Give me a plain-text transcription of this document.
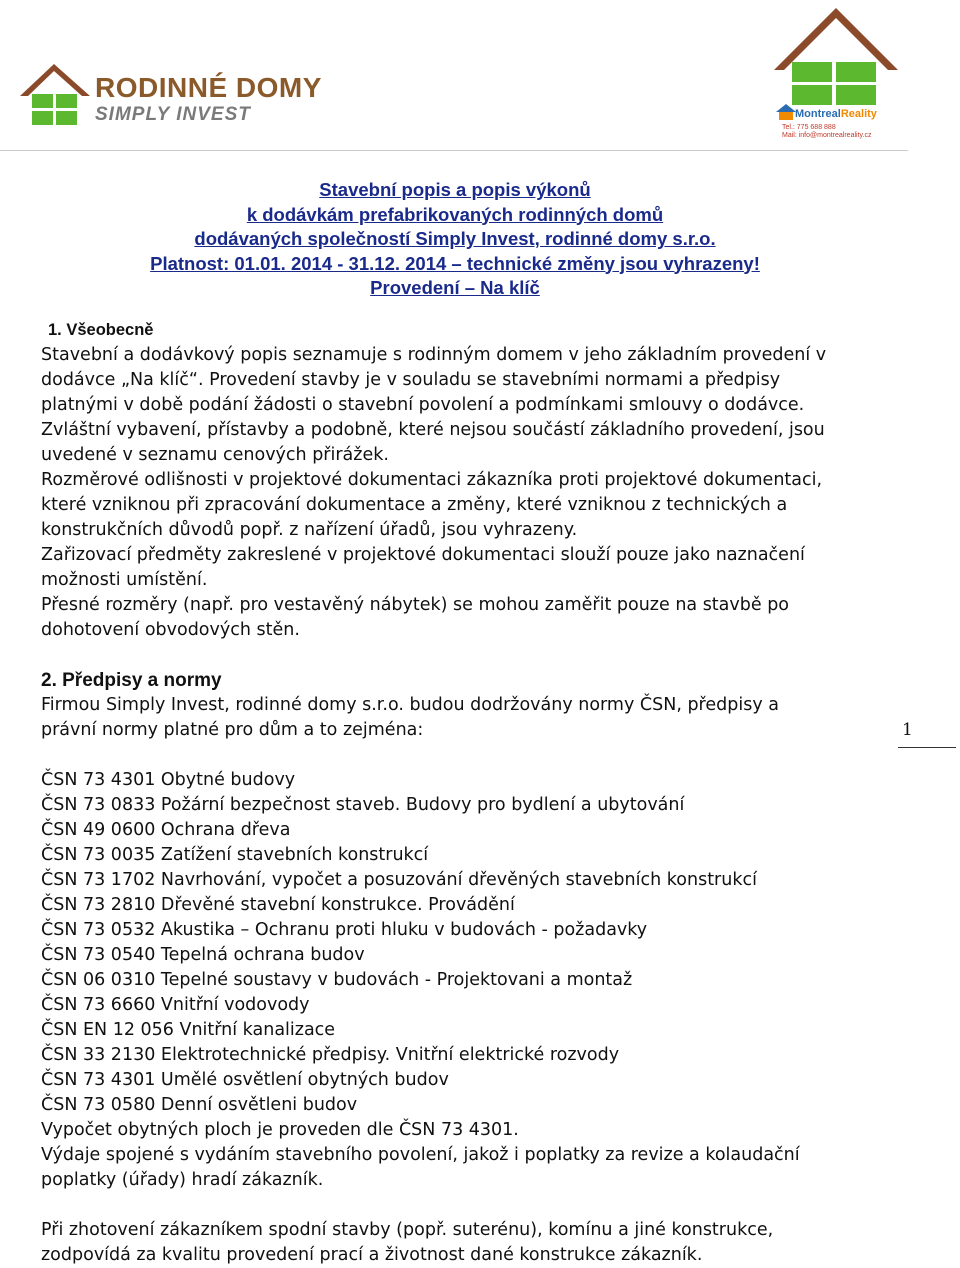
RODINNÉ DOMY
SIMPLY INVEST	MontrealReality
Tel.: 775 688 888
Mail: info@montrealreality.cz
Stavební popis a popis výkonů
k dodávkám prefabrikovaných rodinných domů
dodávaných společností Simply Invest, rodinné domy s.r.o.
Platnost: 01.01. 2014 - 31.12. 2014 – technické změny jsou vyhrazeny!
Provedení – Na klíč

1. Všeobecně

Stavební a dodávkový popis seznamuje s rodinným domem v jeho základním provedení v

dodávce „Na klíč“. Provedení stavby je v souladu se stavebními normami a předpisy

platnými v době podání žádosti o stavební povolení a podmínkami smlouvy o dodávce.

Zvláštní vybavení, přístavby a podobně, které nejsou součástí základního provedení, jsou

uvedené v seznamu cenových přirážek.

Rozměrové odlišnosti v projektové dokumentaci zákazníka proti projektové dokumentaci,

které vzniknou při zpracování dokumentace a změny, které vzniknou z technických a

konstrukčních důvodů popř. z nařízení úřadů, jsou vyhrazeny.

Zařizovací předměty zakreslené v projektové dokumentaci slouží pouze jako naznačení

možnosti umístění.

Přesné rozměry (např. pro vestavěný nábytek) se mohou zaměřit pouze na stavbě po

dohotovení obvodových stěn.

2. Předpisy a normy

Firmou Simply Invest, rodinné domy s.r.o. budou dodržovány normy ČSN, předpisy a

právní normy platné pro dům a to zejména:

ČSN 73 4301 Obytné budovy

ČSN 73 0833 Požární bezpečnost staveb. Budovy pro bydlení a ubytování

ČSN 49 0600 Ochrana dřeva

ČSN 73 0035 Zatížení stavebních konstrukcí

ČSN 73 1702 Navrhování, vypočet a posuzování dřevěných stavebních konstrukcí

ČSN 73 2810 Dřevěné stavební konstrukce. Provádění

ČSN 73 0532 Akustika – Ochranu proti hluku v budovách - požadavky

ČSN 73 0540 Tepelná ochrana budov

ČSN 06 0310 Tepelné soustavy v budovách - Projektovani a montaž

ČSN 73 6660 Vnitřní vodovody

ČSN EN 12 056 Vnitřní kanalizace

ČSN 33 2130 Elektrotechnické předpisy. Vnitřní elektrické rozvody

ČSN 73 4301 Umělé osvětlení obytných budov

ČSN 73 0580 Denní osvětleni budov

Vypočet obytných ploch je proveden dle ČSN 73 4301.

Výdaje spojené s vydáním stavebního povolení, jakož i poplatky za revize a kolaudační

poplatky (úřady) hradí zákazník.

Při zhotovení zákazníkem spodní stavby (popř. suterénu), komínu a jiné konstrukce,

zodpovídá za kvalitu provedení prací a životnost dané konstrukce zákazník.

1
